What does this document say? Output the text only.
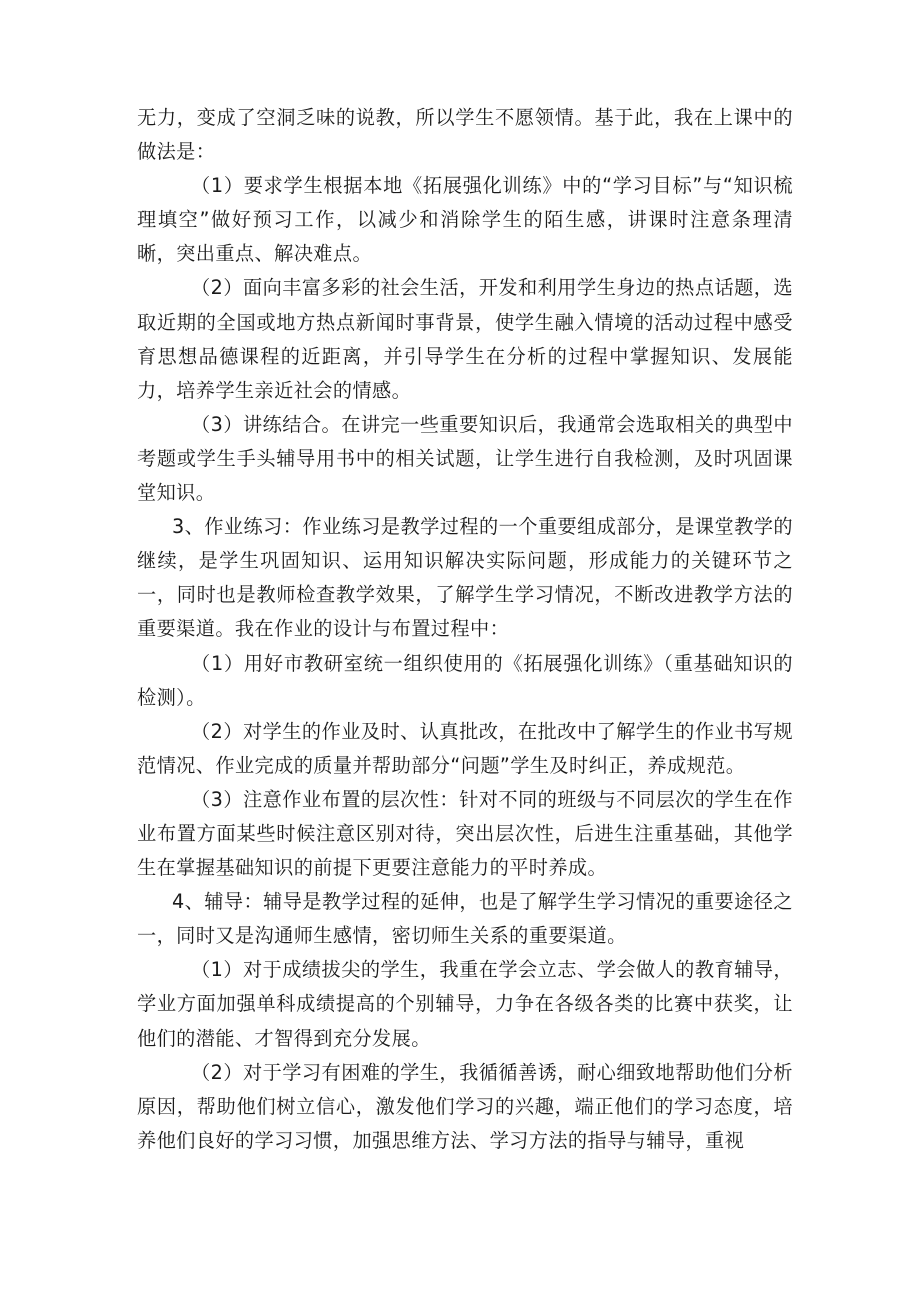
无力，变成了空洞乏味的说教，所以学生不愿领情。基于此，我在上课中的做法是：

（1）要求学生根据本地《拓展强化训练》中的“学习目标”与“知识梳理填空”做好预习工作，以减少和消除学生的陌生感，讲课时注意条理清晰，突出重点、解决难点。

（2）面向丰富多彩的社会生活，开发和利用学生身边的热点话题，选取近期的全国或地方热点新闻时事背景，使学生融入情境的活动过程中感受育思想品德课程的近距离，并引导学生在分析的过程中掌握知识、发展能力，培养学生亲近社会的情感。

（3）讲练结合。在讲完一些重要知识后，我通常会选取相关的典型中考题或学生手头辅导用书中的相关试题，让学生进行自我检测，及时巩固课堂知识。

3、作业练习：作业练习是教学过程的一个重要组成部分，是课堂教学的继续，是学生巩固知识、运用知识解决实际问题，形成能力的关键环节之一，同时也是教师检查教学效果，了解学生学习情况，不断改进教学方法的重要渠道。我在作业的设计与布置过程中：

（1）用好市教研室统一组织使用的《拓展强化训练》（重基础知识的检测）。

（2）对学生的作业及时、认真批改，在批改中了解学生的作业书写规范情况、作业完成的质量并帮助部分“问题”学生及时纠正，养成规范。

（3）注意作业布置的层次性：针对不同的班级与不同层次的学生在作业布置方面某些时候注意区别对待，突出层次性，后进生注重基础，其他学生在掌握基础知识的前提下更要注意能力的平时养成。

4、辅导：辅导是教学过程的延伸，也是了解学生学习情况的重要途径之一，同时又是沟通师生感情，密切师生关系的重要渠道。

（1）对于成绩拔尖的学生，我重在学会立志、学会做人的教育辅导，学业方面加强单科成绩提高的个别辅导，力争在各级各类的比赛中获奖，让他们的潜能、才智得到充分发展。

（2）对于学习有困难的学生，我循循善诱，耐心细致地帮助他们分析原因，帮助他们树立信心，激发他们学习的兴趣，端正他们的学习态度，培养他们良好的学习习惯，加强思维方法、学习方法的指导与辅导，重视
